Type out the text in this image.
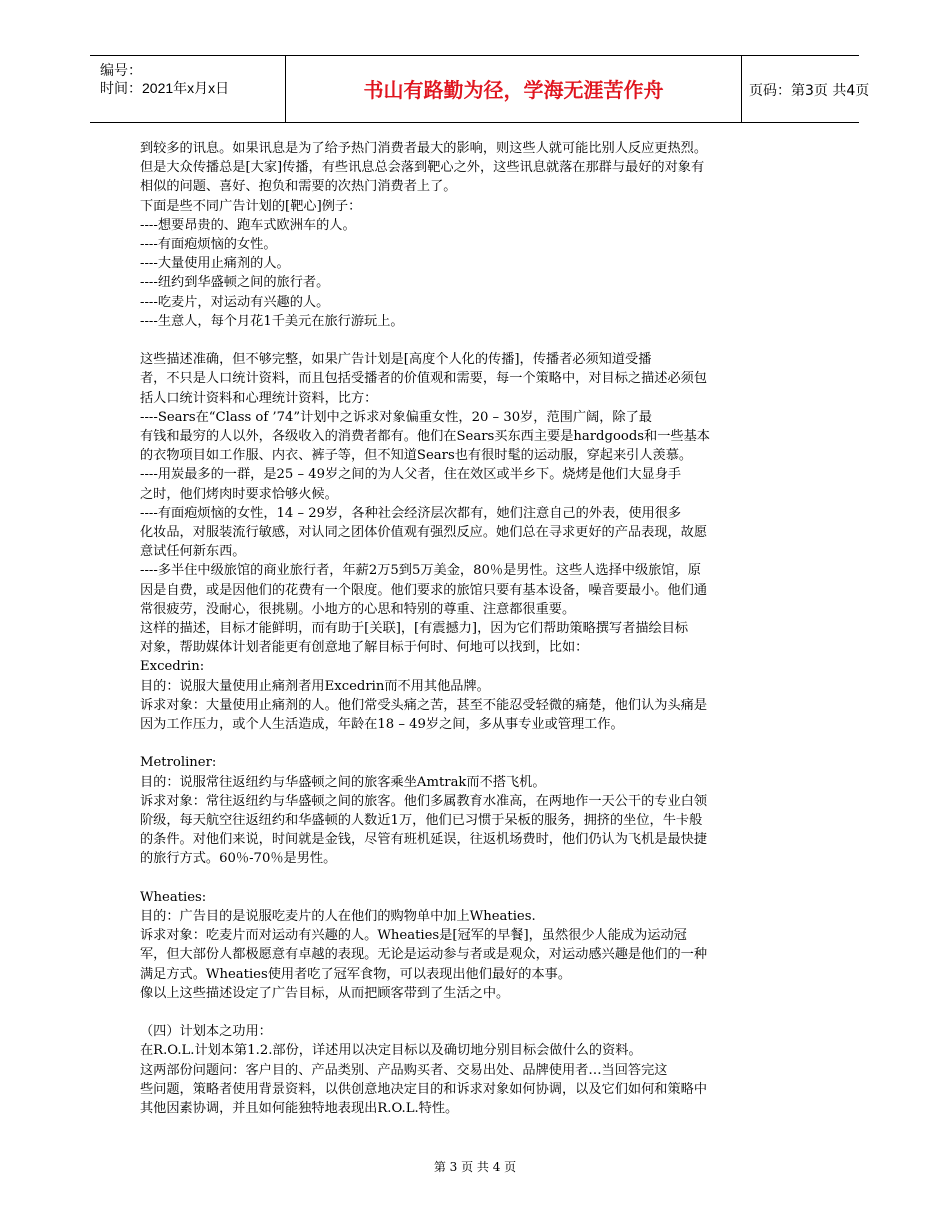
编号：
时间：2021年x月x日	书山有路勤为径，学海无涯苦作舟	页码：第3页 共4页

到较多的讯息。如果讯息是为了给予热门消费者最大的影响，则这些人就可能比别人反应更热烈。

但是大众传播总是[大家]传播，有些讯息总会落到靶心之外，这些讯息就落在那群与最好的对象有

相似的问题、喜好、抱负和需要的次热门消费者上了。

下面是些不同广告计划的[靶心]例子：

----想要昂贵的、跑车式欧洲车的人。

----有面疱烦恼的女性。

----大量使用止痛剂的人。

----纽约到华盛顿之间的旅行者。

----吃麦片，对运动有兴趣的人。

----生意人，每个月花1千美元在旅行游玩上。

这些描述准确，但不够完整，如果广告计划是[高度个人化的传播]，传播者必须知道受播

者，不只是人口统计资料，而且包括受播者的价值观和需要，每一个策略中，对目标之描述必须包

括人口统计资料和心理统计资料，比方：

----Sears在“Class of ’74”计划中之诉求对象偏重女性，20 – 30岁，范围广阔，除了最

有钱和最穷的人以外，各级收入的消费者都有。他们在Sears买东西主要是hardgoods和一些基本

的衣物项目如工作服、内衣、裤子等，但不知道Sears也有很时髦的运动服，穿起来引人羡慕。

----用炭最多的一群，是25 – 49岁之间的为人父者，住在效区或半乡下。烧烤是他们大显身手

之时，他们烤肉时要求恰够火候。

----有面疱烦恼的女性，14 – 29岁，各种社会经济层次都有，她们注意自己的外表，使用很多

化妆品，对服装流行敏感，对认同之团体价值观有强烈反应。她们总在寻求更好的产品表现，故愿

意试任何新东西。

----多半住中级旅馆的商业旅行者，年薪2万5到5万美金，80％是男性。这些人选择中级旅馆，原

因是自费，或是因他们的花费有一个限度。他们要求的旅馆只要有基本设备，噪音要最小。他们通

常很疲劳，没耐心，很挑剔。小地方的心思和特别的尊重、注意都很重要。

这样的描述，目标才能鲜明，而有助于[关联]，[有震撼力]，因为它们帮助策略撰写者描绘目标

对象，帮助媒体计划者能更有创意地了解目标于何时、何地可以找到，比如：

Excedrin:

目的：说服大量使用止痛剂者用Excedrin而不用其他品牌。

诉求对象：大量使用止痛剂的人。他们常受头痛之苦，甚至不能忍受轻微的痛楚，他们认为头痛是

因为工作压力，或个人生活造成，年龄在18 – 49岁之间，多从事专业或管理工作。

Metroliner:

目的：说服常往返纽约与华盛顿之间的旅客乘坐Amtrak而不搭飞机。

诉求对象：常往返纽约与华盛顿之间的旅客。他们多属教育水准高，在两地作一天公干的专业白领

阶级，每天航空往返纽约和华盛顿的人数近1万，他们已习惯于呆板的服务，拥挤的坐位，牛卡般

的条件。对他们来说，时间就是金钱，尽管有班机延误，往返机场费时，他们仍认为飞机是最快捷

的旅行方式。60％-70％是男性。

Wheaties:

目的：广告目的是说服吃麦片的人在他们的购物单中加上Wheaties.

诉求对象：吃麦片而对运动有兴趣的人。Wheaties是[冠军的早餐]，虽然很少人能成为运动冠

军，但大部份人都极愿意有卓越的表现。无论是运动参与者或是观众，对运动感兴趣是他们的一种

满足方式。Wheaties使用者吃了冠军食物，可以表现出他们最好的本事。

像以上这些描述设定了广告目标，从而把顾客带到了生活之中。

（四）计划本之功用：

在R.O.L.计划本第1.2.部份，详述用以决定目标以及确切地分别目标会做什么的资料。

这两部份问题问：客户目的、产品类别、产品购买者、交易出处、品牌使用者…当回答完这

些问题，策略者使用背景资料，以供创意地决定目的和诉求对象如何协调，以及它们如何和策略中

其他因素协调，并且如何能独特地表现出R.O.L.特性。

第 3 页 共 4 页
